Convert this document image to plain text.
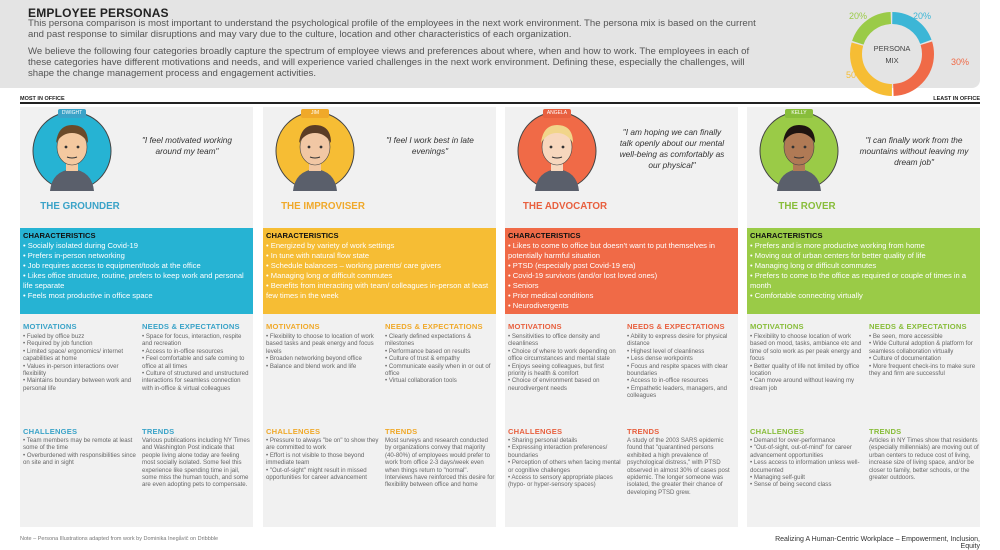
EMPLOYEE PERSONAS

This persona comparison is most important to understand the psychological profile of the employees in the next work environment. The persona mix is based on the current and past response to similar disruptions and may vary due to the culture, location and other characteristics of each organization.

We believe the following four categories broadly capture the spectrum of employee views and preferences about where, when and how to work. The employees in each of these categories have different motivations and needs, and will experience varied challenges in the next work environment. Defining these, especially the challenges, will shape the change management process and engagement activities.

PERSONA
MIX
20%
30%
50%
20%
MOST IN OFFICE	LEAST IN OFFICE
DWIGHT
"I feel motivated working around my team"
THE GROUNDER
CHARACTERISTICS
• Socially isolated during Covid-19
• Prefers in-person networking
• Job requires access to equipment/tools at the office
• Likes office structure, routine, prefers to keep work and personal life separate
• Feels most productive in office space
MOTIVATIONS
• Fueled by office buzz
• Required by job function
• Limited space/ ergonomics/ internet capabilities at home
• Values in-person interactions over flexibility
• Maintains boundary between work and personal life
NEEDS & EXPECTATIONS
• Space for focus, interaction, respite and recreation
• Access to in-office resources
• Feel comfortable and safe coming to office at all times
• Culture of structured and unstructured interactions for seamless connection with in-office & virtual colleagues
CHALLENGES
• Team members may be remote at least some of the time
• Overburdened with responsibilities since on site and in sight
TRENDS
Various publications including NY Times and Washington Post indicate that people living alone today are feeling most socially isolated. Some feel this experience like spending time in jail, some miss the human touch, and some are even adopting pets to compensate.
JIM
"I feel I work best in late evenings"
THE IMPROVISER
CHARACTERISTICS
• Energized by variety of work settings
• In tune with natural flow state
• Schedule balancers – working parents/ care givers
• Managing long or difficult commutes
• Benefits from interacting with team/ colleagues in-person at least few times in the week
MOTIVATIONS
• Flexibility to choose to location of work based tasks and peak energy and focus levels
• Broaden networking beyond office
• Balance and blend work and life
NEEDS & EXPECTATIONS
• Clearly defined expectations & milestones
• Performance based on results
• Culture of trust & empathy
• Communicate easily when in or out of office
• Virtual collaboration tools
CHALLENGES
• Pressure to always "be on" to show they are committed to work
• Effort is not visible to those beyond immediate team
• "Out-of-sight" might result in missed opportunities for career advancement
TRENDS
Most surveys and research conducted by organizations convey that majority (40-80%) of employees would prefer to work from office 2-3 days/week even when things return to "normal". Interviews have reinforced this desire for flexibility between office and home
ANGELA
"I am hoping we can finally talk openly about our mental well-being as comfortably as our physical"
THE ADVOCATOR
CHARACTERISTICS
• Likes to come to office but doesn't want to put themselves in potentially harmful situation
• PTSD (especially post Covid-19 era)
• Covid-19 survivors (and/or lost loved ones)
• Seniors
• Prior medical conditions
• Neurodivergents
MOTIVATIONS
• Sensitivities to office density and cleanliness
• Choice of where to work depending on office circumstances and mental state
• Enjoys seeing colleagues, but first priority is health & comfort
• Choice of environment based on neurodivergent needs
NEEDS & EXPECTATIONS
• Ability to express desire for physical distance
• Highest level of cleanliness
• Less dense workpoints
• Focus and respite spaces with clear boundaries
• Access to in-office resources
• Empathetic leaders, managers, and colleagues
CHALLENGES
• Sharing personal details
• Expressing interaction preferences/ boundaries
• Perception of others when facing mental or cognitive challenges
• Access to sensory appropriate places (hypo- or hyper-sensory spaces)
TRENDS
A study of the 2003 SARS epidemic found that "quarantined persons exhibited a high prevalence of psychological distress," with PTSD observed in almost 30% of cases post epidemic. The longer someone was isolated, the greater their chance of developing PTSD grew.
KELLY
"I can finally work from the mountains without leaving my dream job"
THE ROVER
CHARACTERISTICS
• Prefers and is more productive working from home
• Moving out of urban centers for better quality of life
• Managing long or difficult commutes
• Prefers to come to the office as required or couple of times in a month
• Comfortable connecting virtually
MOTIVATIONS
• Flexibility to choose location of work based on mood, tasks, ambiance etc and time of solo work as per peak energy and focus
• Better quality of life not limited by office location
• Can move around without leaving my dream job
NEEDS & EXPECTATIONS
• Be seen, more accessible
• Wide Cultural adoption & platform for seamless collaboration virtually
• Culture of documentation
• More frequent check-ins to make sure they and firm are successful
CHALLENGES
• Demand for over-performance
• "Out-of-sight, out-of-mind" for career advancement opportunities
• Less access to information unless well-documented
• Managing self-guilt
• Sense of being second class
TRENDS
Articles in NY Times show that residents (especially millennials) are moving out of urban centers to reduce cost of living, increase size of living space, and/or be closer to family, better schools, or the greater outdoors.
Note – Persona Illustrations adapted from work by Dominika Inegåvič on Dribbble	Realizing A Human-Centric Workplace – Empowerment, Inclusion, Equity
